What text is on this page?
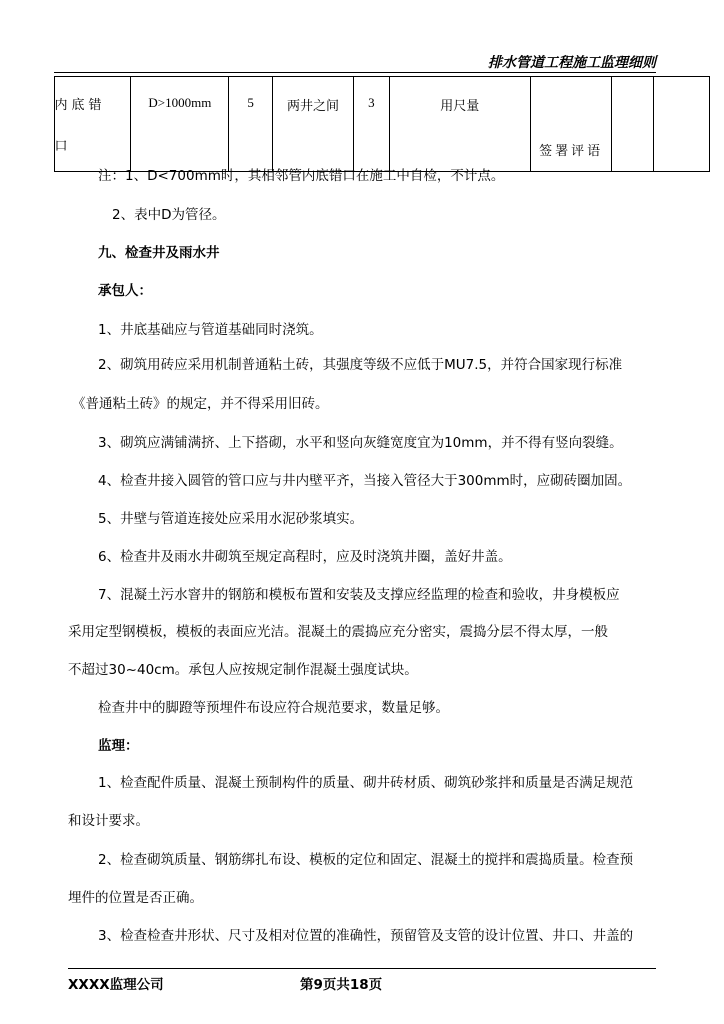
排水管道工程施工监理细则

内底错
口
	D>1000mm	5	两井之间	3	用尺量	签署评语		
注：1、D<700mm时，其相邻管内底错口在施工中自检，不计点。
2、表中D为管径。
九、检查井及雨水井
承包人：
1、井底基础应与管道基础同时浇筑。
2、砌筑用砖应采用机制普通粘土砖，其强度等级不应低于MU7.5，并符合国家现行标准
《普通粘土砖》的规定，并不得采用旧砖。
3、砌筑应满铺满挤、上下搭砌，水平和竖向灰缝宽度宜为10mm，并不得有竖向裂缝。
4、检查井接入圆管的管口应与井内壁平齐，当接入管径大于300mm时，应砌砖圈加固。
5、井壁与管道连接处应采用水泥砂浆填实。
6、检查井及雨水井砌筑至规定高程时，应及时浇筑井圈，盖好井盖。
7、混凝土污水窨井的钢筋和模板布置和安装及支撑应经监理的检查和验收，井身模板应
采用定型钢模板，模板的表面应光洁。混凝土的震捣应充分密实，震捣分层不得太厚，一般
不超过30~40cm。承包人应按规定制作混凝土强度试块。
检查井中的脚蹬等预埋件布设应符合规范要求，数量足够。
监理：
1、检查配件质量、混凝土预制构件的质量、砌井砖材质、砌筑砂浆拌和质量是否满足规范
和设计要求。
2、检查砌筑质量、钢筋绑扎布设、模板的定位和固定、混凝土的搅拌和震捣质量。检查预
埋件的位置是否正确。
3、检查检查井形状、尺寸及相对位置的准确性，预留管及支管的设计位置、井口、井盖的
XXXX监理公司	第9页共18页
